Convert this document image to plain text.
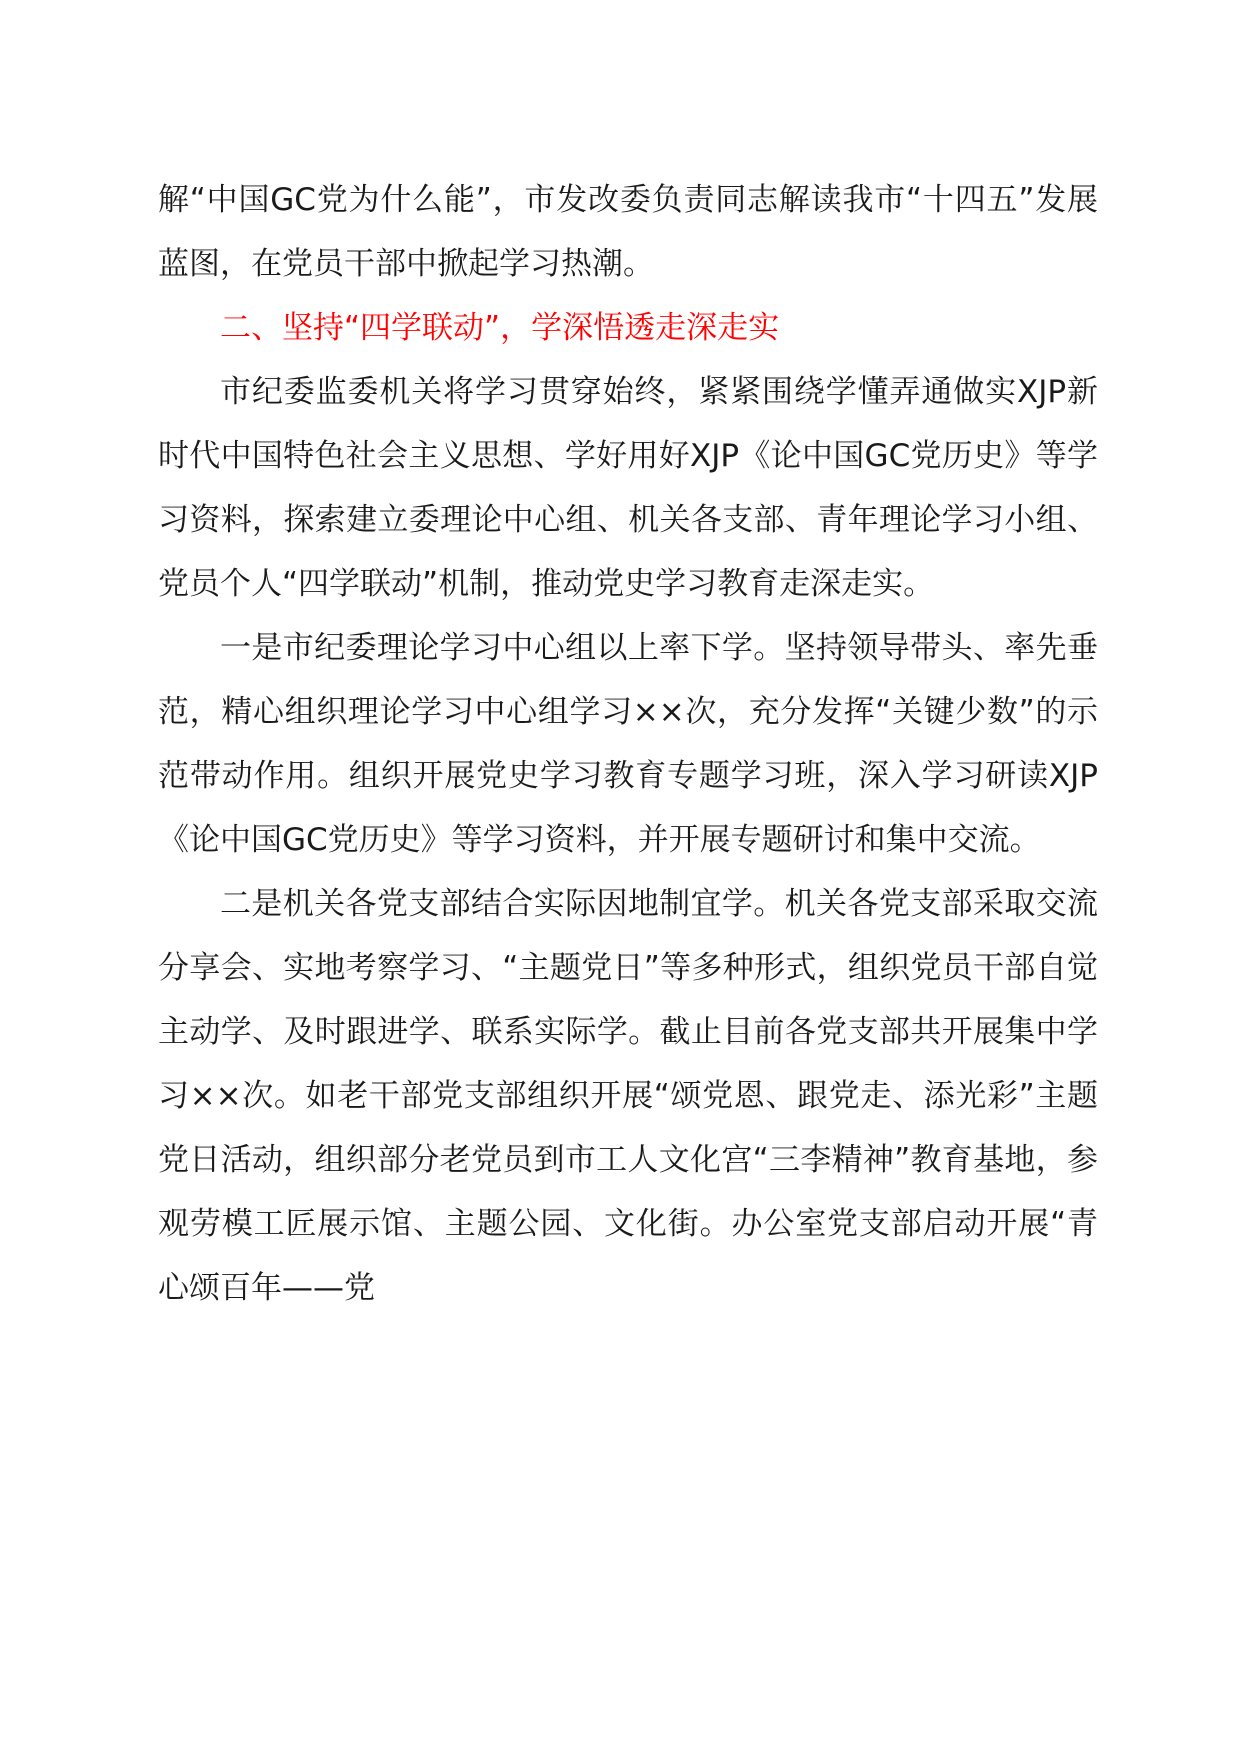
解“中国GC党为什么能”，市发改委负责同志解读我市“十四五”发展蓝图，在党员干部中掀起学习热潮。

二、坚持“四学联动”，学深悟透走深走实

市纪委监委机关将学习贯穿始终，紧紧围绕学懂弄通做实XJP新时代中国特色社会主义思想、学好用好XJP《论中国GC党历史》等学习资料，探索建立委理论中心组、机关各支部、青年理论学习小组、党员个人“四学联动”机制，推动党史学习教育走深走实。

一是市纪委理论学习中心组以上率下学。坚持领导带头、率先垂范，精心组织理论学习中心组学习××次，充分发挥“关键少数”的示范带动作用。组织开展党史学习教育专题学习班，深入学习研读XJP《论中国GC党历史》等学习资料，并开展专题研讨和集中交流。

二是机关各党支部结合实际因地制宜学。机关各党支部采取交流分享会、实地考察学习、“主题党日”等多种形式，组织党员干部自觉主动学、及时跟进学、联系实际学。截止目前各党支部共开展集中学习××次。如老干部党支部组织开展“颂党恩、跟党走、添光彩”主题党日活动，组织部分老党员到市工人文化宫“三李精神”教育基地，参观劳模工匠展示馆、主题公园、文化街。办公室党支部启动开展“青心颂百年——党
